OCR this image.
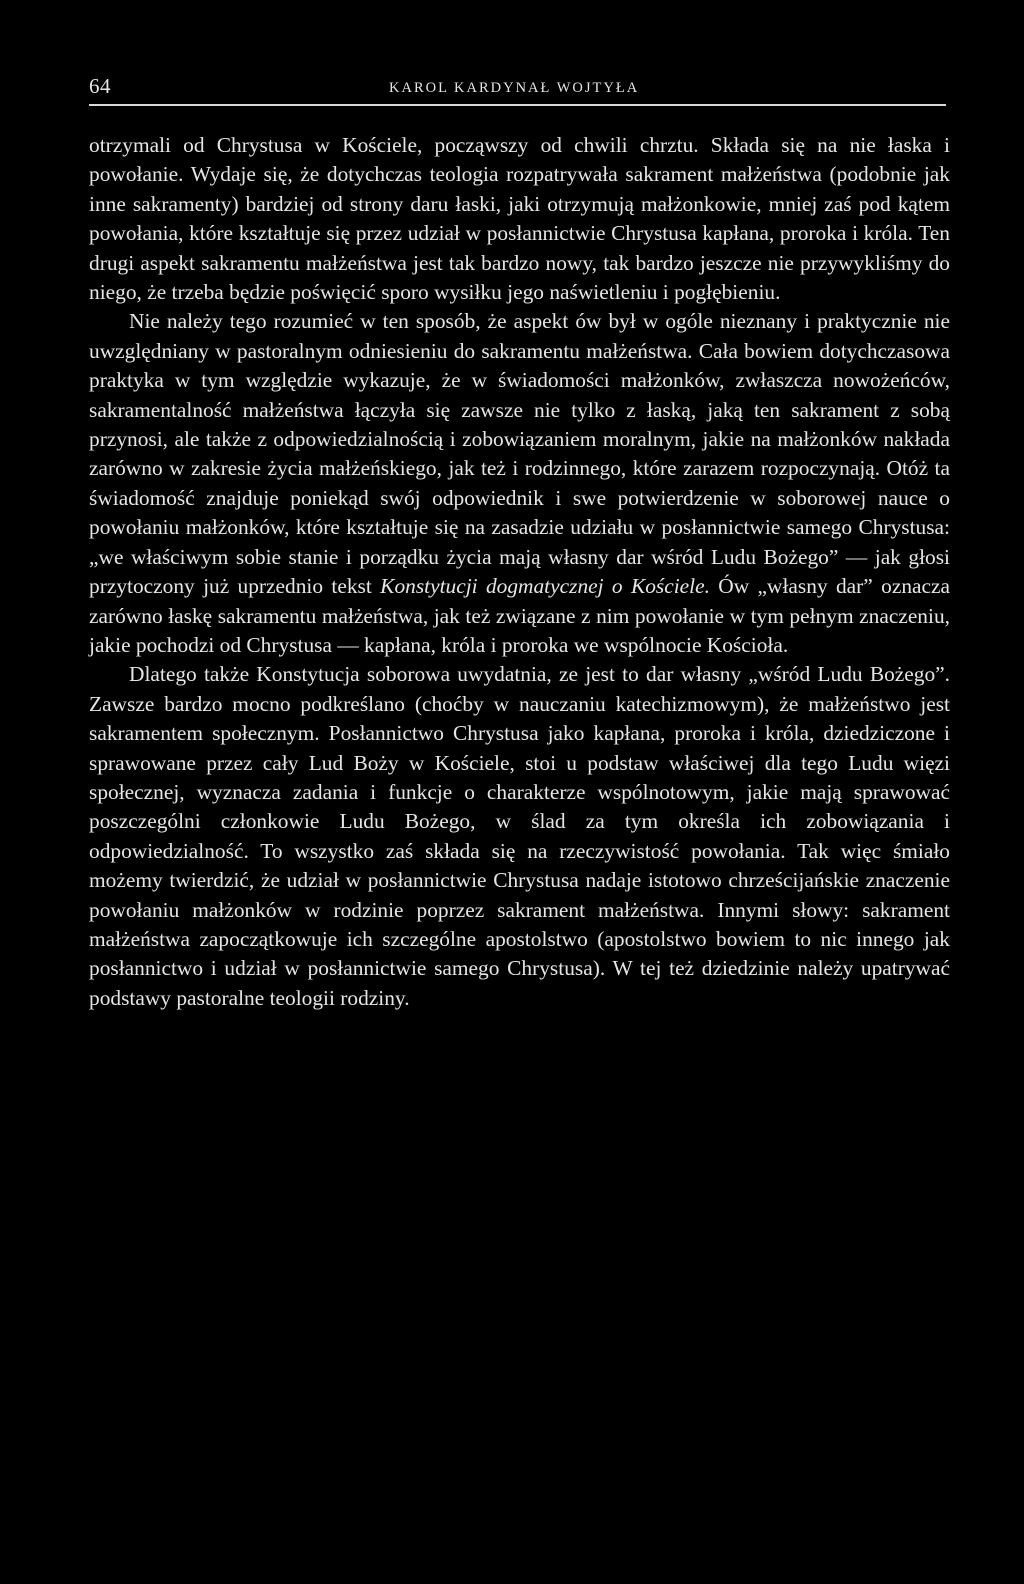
64	KAROL KARDYNAŁ WOJTYŁA

otrzymali od Chrystusa w Kościele, począwszy od chwili chrztu. Składa się na nie łaska i powołanie. Wydaje się, że dotychczas teologia rozpatrywała sakrament małżeństwa (podobnie jak inne sakramenty) bardziej od strony daru łaski, jaki otrzymują małżonkowie, mniej zaś pod kątem powołania, które kształtuje się przez udział w posłannictwie Chrystusa kapłana, proroka i króla. Ten drugi aspekt sakramentu małżeństwa jest tak bardzo nowy, tak bardzo jeszcze nie przywykliśmy do niego, że trzeba będzie poświęcić sporo wysiłku jego naświetleniu i pogłębieniu.

Nie należy tego rozumieć w ten sposób, że aspekt ów był w ogóle nieznany i praktycznie nie uwzględniany w pastoralnym odniesieniu do sakramentu małżeństwa. Cała bowiem dotychczasowa praktyka w tym względzie wykazuje, że w świadomości małżonków, zwłaszcza nowożeńców, sakramentalność małżeństwa łączyła się zawsze nie tylko z łaską, jaką ten sakrament z sobą przynosi, ale także z odpowiedzialnością i zobowiązaniem moralnym, jakie na małżonków nakłada zarówno w zakresie życia małżeńskiego, jak też i rodzinnego, które zarazem rozpoczynają. Otóż ta świadomość znajduje poniekąd swój odpowiednik i swe potwierdzenie w soborowej nauce o powołaniu małżonków, które kształtuje się na zasadzie udziału w posłannictwie samego Chrystusa: „we właściwym sobie stanie i porządku życia mają własny dar wśród Ludu Bożego” — jak głosi przytoczony już uprzednio tekst Konstytucji dogmatycznej o Kościele. Ów „własny dar” oznacza zarówno łaskę sakramentu małżeństwa, jak też związane z nim powołanie w tym pełnym znaczeniu, jakie pochodzi od Chrystusa — kapłana, króla i proroka we wspólnocie Kościoła.

Dlatego także Konstytucja soborowa uwydatnia, ze jest to dar własny „wśród Ludu Bożego”. Zawsze bardzo mocno podkreślano (choćby w nauczaniu katechizmowym), że małżeństwo jest sakramentem społecznym. Posłannictwo Chrystusa jako kapłana, proroka i króla, dziedziczone i sprawowane przez cały Lud Boży w Kościele, stoi u podstaw właściwej dla tego Ludu więzi społecznej, wyznacza zadania i funkcje o charakterze wspólnotowym, jakie mają sprawować poszczególni członkowie Ludu Bożego, w ślad za tym określa ich zobowiązania i odpowiedzialność. To wszystko zaś składa się na rzeczywistość powołania. Tak więc śmiało możemy twierdzić, że udział w posłannictwie Chrystusa nadaje istotowo chrześcijańskie znaczenie powołaniu małżonków w rodzinie poprzez sakrament małżeństwa. Innymi słowy: sakrament małżeństwa zapoczątkowuje ich szczególne apostolstwo (apostolstwo bowiem to nic innego jak posłannictwo i udział w posłannictwie samego Chrystusa). W tej też dziedzinie należy upatrywać podstawy pastoralne teologii rodziny.
